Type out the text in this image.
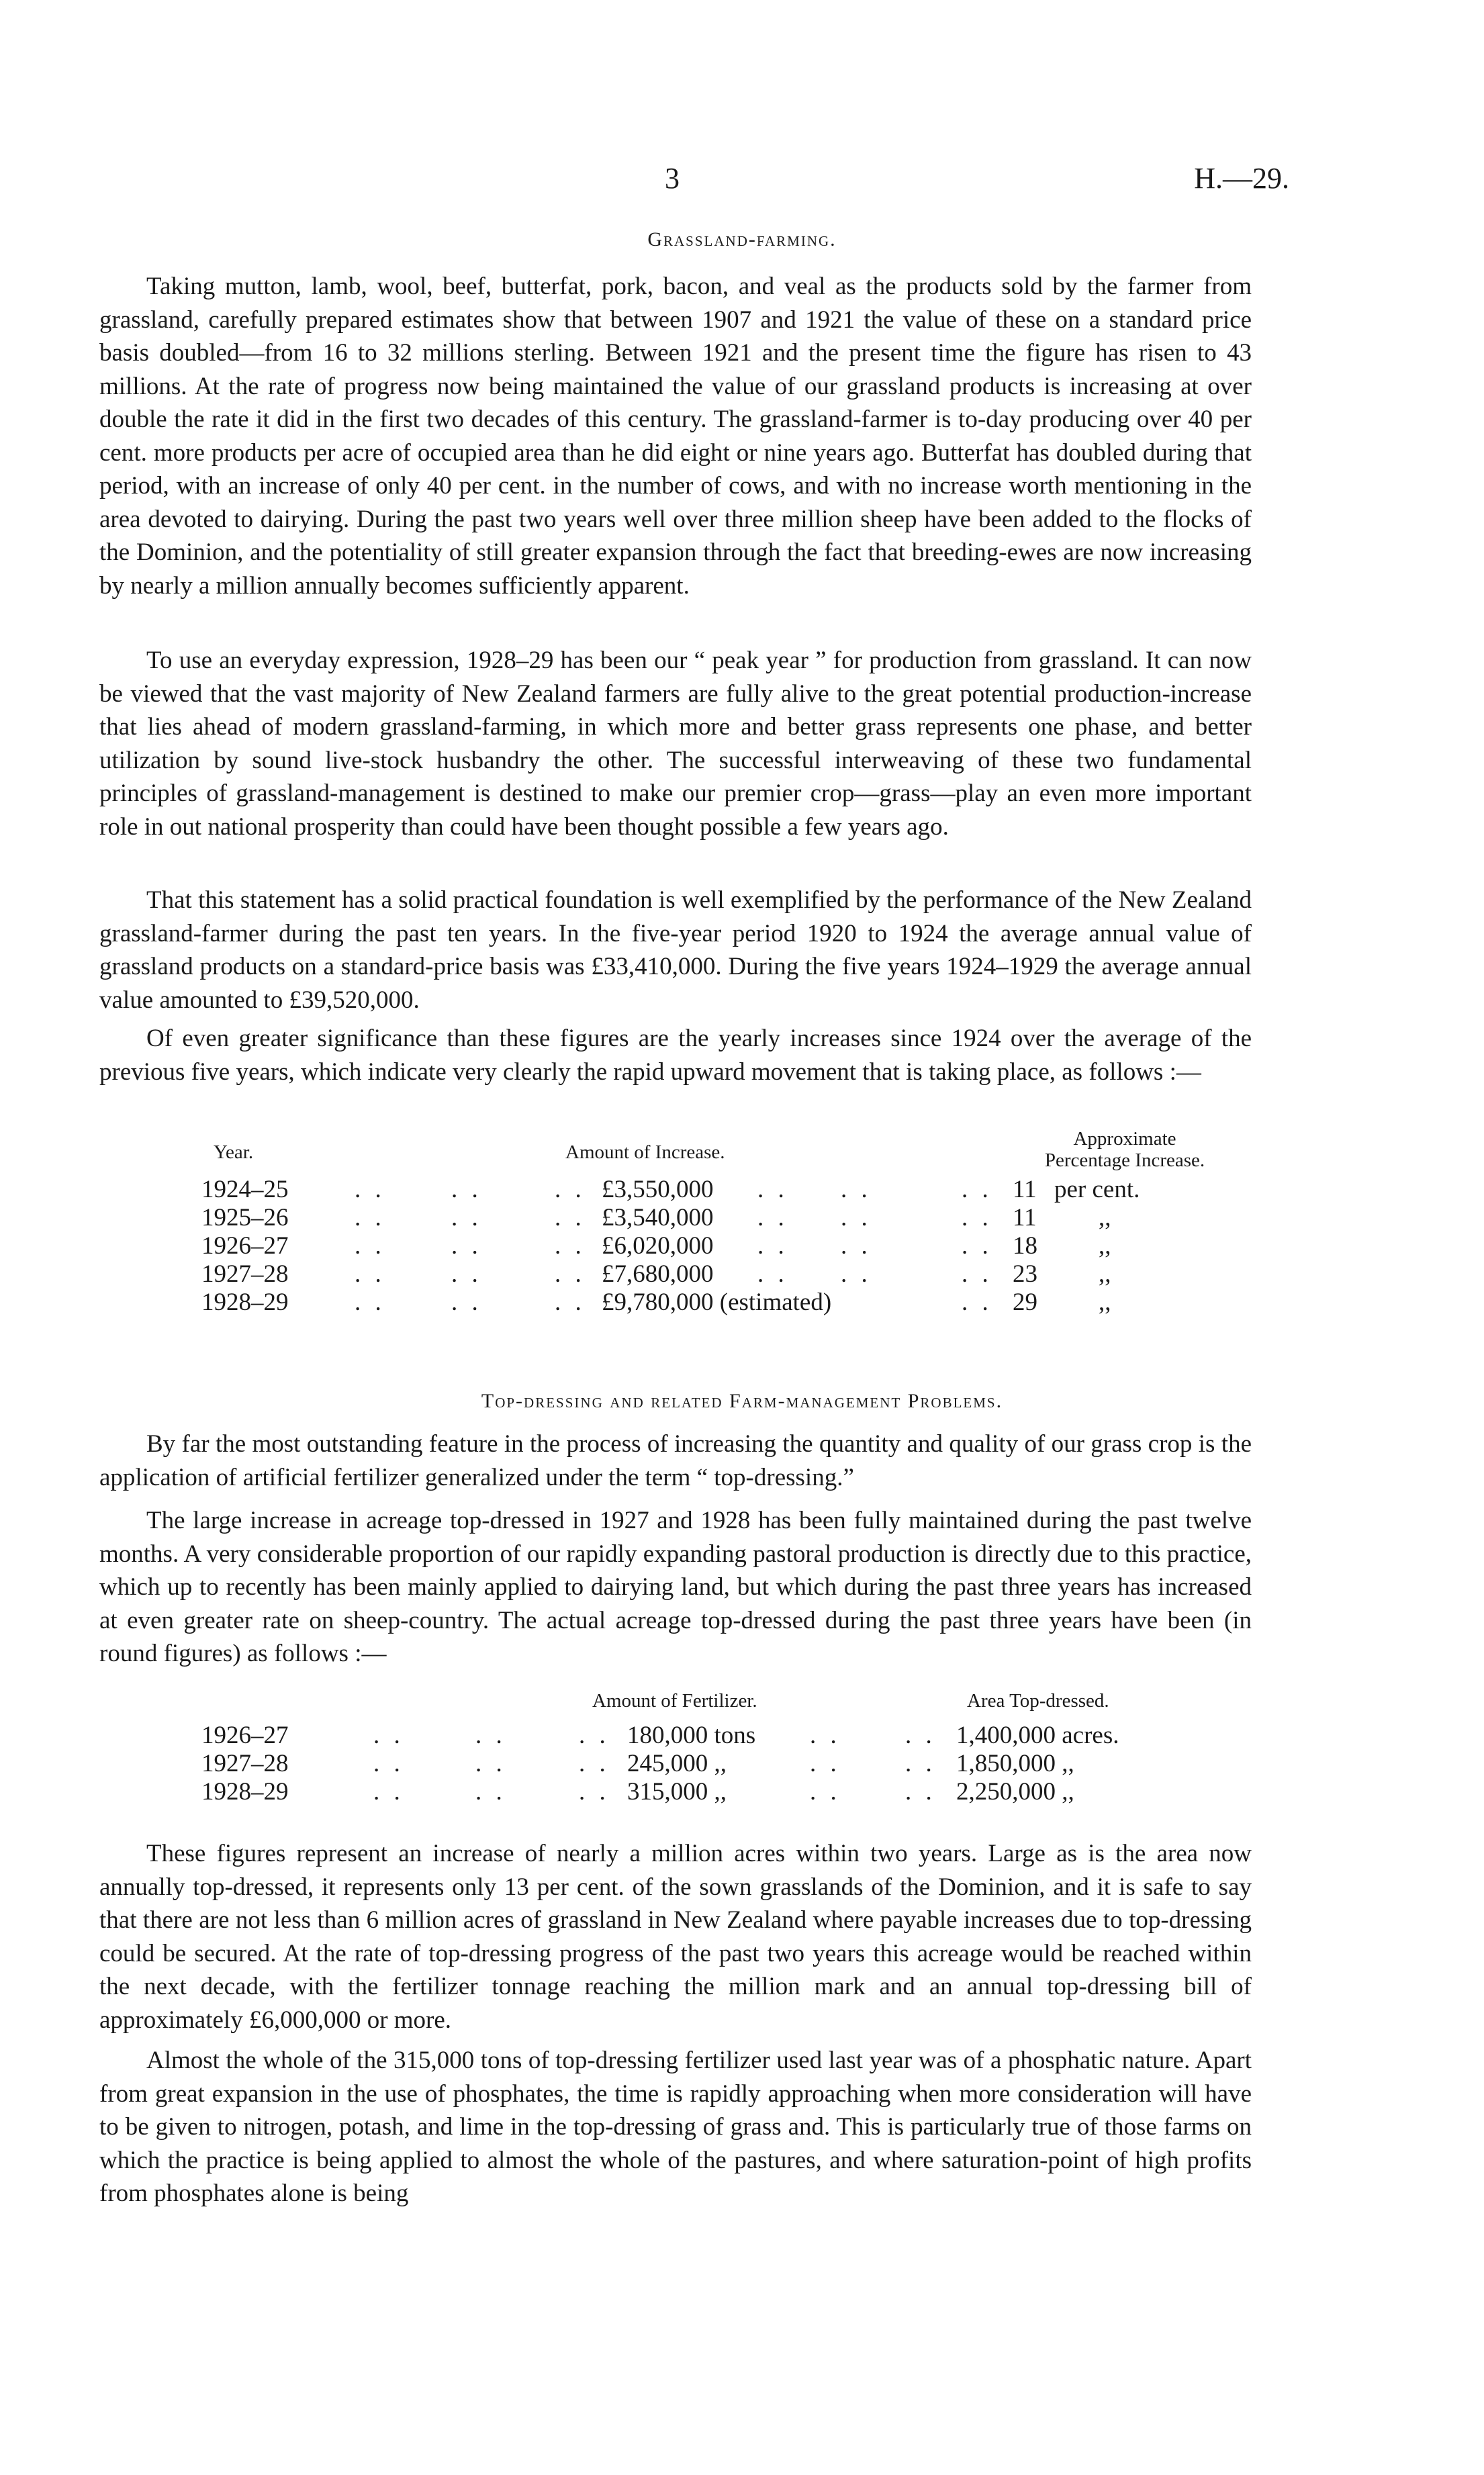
3	H.—29.
Grassland-farming.

Taking mutton, lamb, wool, beef, butterfat, pork, bacon, and veal as the products sold by the farmer from grassland, carefully prepared estimates show that between 1907 and 1921 the value of these on a standard price basis doubled—from 16 to 32 millions sterling. Between 1921 and the present time the figure has risen to 43 millions. At the rate of progress now being maintained the value of our grassland products is increasing at over double the rate it did in the first two decades of this century. The grassland-farmer is to-day producing over 40 per cent. more products per acre of occupied area than he did eight or nine years ago. Butterfat has doubled during that period, with an increase of only 40 per cent. in the number of cows, and with no increase worth mentioning in the area devoted to dairying. During the past two years well over three million sheep have been added to the flocks of the Dominion, and the potentiality of still greater expansion through the fact that breeding-ewes are now increasing by nearly a million annually becomes sufficiently apparent.

To use an everyday expression, 1928–29 has been our “ peak year ” for production from grassland. It can now be viewed that the vast majority of New Zealand farmers are fully alive to the great potential production-increase that lies ahead of modern grassland-farming, in which more and better grass represents one phase, and better utilization by sound live-stock husbandry the other. The successful interweaving of these two fundamental principles of grassland-management is destined to make our premier crop—grass—play an even more important role in out national prosperity than could have been thought possible a few years ago.

That this statement has a solid practical foundation is well exemplified by the performance of the New Zealand grassland-farmer during the past ten years. In the five-year period 1920 to 1924 the average annual value of grassland products on a standard-price basis was £33,410,000. During the five years 1924–1929 the average annual value amounted to £39,520,000.

Of even greater significance than these figures are the yearly increases since 1924 over the average of the previous five years, which indicate very clearly the rapid upward movement that is taking place, as follows :—

Year.	Amount of Increase.
Approximate
Percentage Increase.
1924–25	. .	. .	. . £3,550,000 . . . .	. . 11 per cent.
1925–26	. .	. .	. . £3,540,000 . . . .	. . 11 ,,
1926–27	. .	. .	. . £6,020,000 . . . .	. . 18 ,,
1927–28	. .	. .	. . £7,680,000 . . . .	. . 23 ,,
1928–29	. .	. .	. . £9,780,000 (estimated)	. . 29 ,,
Top-dressing and related Farm-management Problems.

By far the most outstanding feature in the process of increasing the quantity and quality of our grass crop is the application of artificial fertilizer generalized under the term “ top-dressing.”

The large increase in acreage top-dressed in 1927 and 1928 has been fully maintained during the past twelve months. A very considerable proportion of our rapidly expanding pastoral production is directly due to this practice, which up to recently has been mainly applied to dairying land, but which during the past three years has increased at even greater rate on sheep-country. The actual acreage top-dressed during the past three years have been (in round figures) as follows :—

Amount of Fertilizer.	Area Top-dressed.
1926–27	. .	. .	. . 180,000 tons . .	. . 1,400,000 acres.
1927–28	. .	. .	. . 245,000 ,,	. .	. . 1,850,000 ,,
1928–29	. .	. .	. . 315,000 ,,	. .	. . 2,250,000 ,,

These figures represent an increase of nearly a million acres within two years. Large as is the area now annually top-dressed, it represents only 13 per cent. of the sown grasslands of the Dominion, and it is safe to say that there are not less than 6 million acres of grassland in New Zealand where payable increases due to top-dressing could be secured. At the rate of top-dressing progress of the past two years this acreage would be reached within the next decade, with the fertilizer tonnage reaching the million mark and an annual top-dressing bill of approximately £6,000,000 or more.

Almost the whole of the 315,000 tons of top-dressing fertilizer used last year was of a phosphatic nature. Apart from great expansion in the use of phosphates, the time is rapidly approaching when more consideration will have to be given to nitrogen, potash, and lime in the top-dressing of grass and. This is particularly true of those farms on which the practice is being applied to almost the whole of the pastures, and where saturation-point of high profits from phosphates alone is being
